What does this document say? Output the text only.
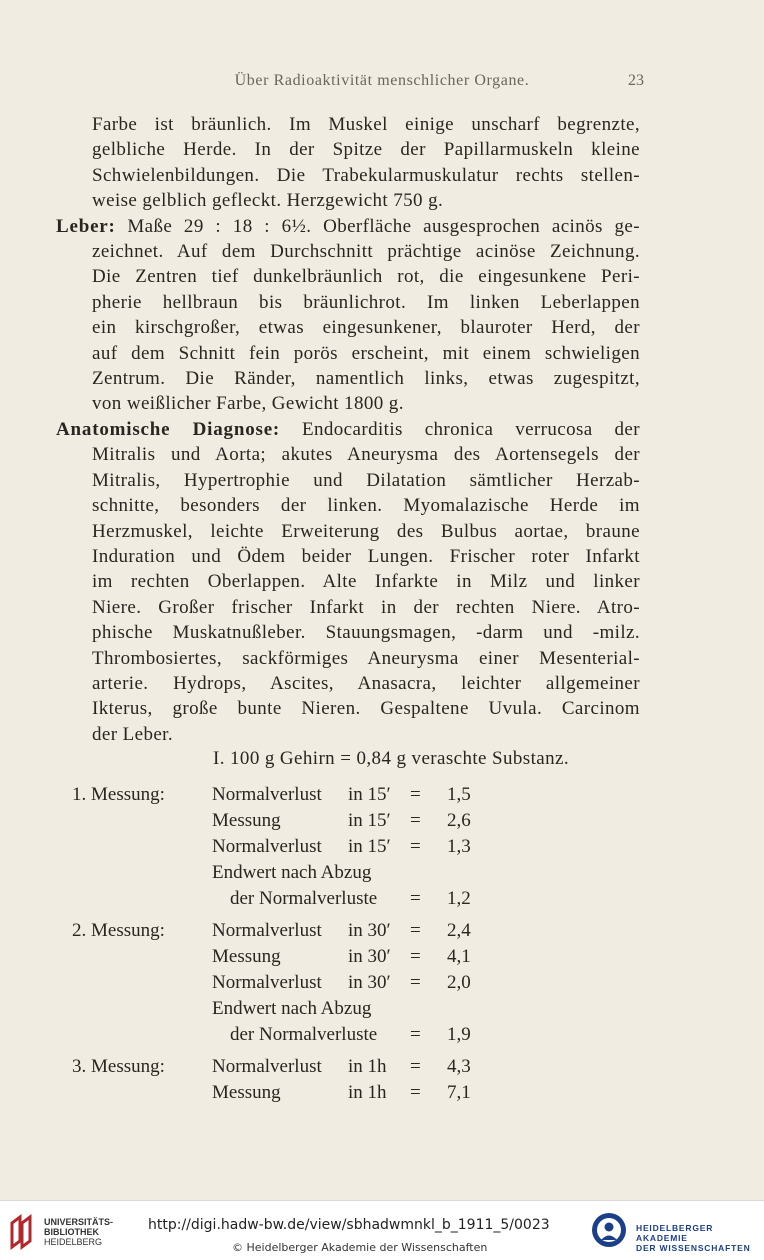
Über Radioaktivität menschlicher Organe.	23
Farbe ist bräunlich. Im Muskel einige unscharf begrenzte,
gelbliche Herde. In der Spitze der Papillarmuskeln kleine
Schwielenbildungen. Die Trabekularmuskulatur rechts stellen-
weise gelblich gefleckt. Herzgewicht 750 g.
Leber: Maße 29 : 18 : 6½. Oberfläche ausgesprochen acinös ge-
zeichnet. Auf dem Durchschnitt prächtige acinöse Zeichnung.
Die Zentren tief dunkelbräunlich rot, die eingesunkene Peri-
pherie hellbraun bis bräunlichrot. Im linken Leberlappen
ein kirschgroßer, etwas eingesunkener, blauroter Herd, der
auf dem Schnitt fein porös erscheint, mit einem schwieligen
Zentrum. Die Ränder, namentlich links, etwas zugespitzt,
von weißlicher Farbe, Gewicht 1800 g.
Anatomische Diagnose: Endocarditis chronica verrucosa der
Mitralis und Aorta; akutes Aneurysma des Aortensegels der
Mitralis, Hypertrophie und Dilatation sämtlicher Herzab-
schnitte, besonders der linken. Myomalazische Herde im
Herzmuskel, leichte Erweiterung des Bulbus aortae, braune
Induration und Ödem beider Lungen. Frischer roter Infarkt
im rechten Oberlappen. Alte Infarkte in Milz und linker
Niere. Großer frischer Infarkt in der rechten Niere. Atro-
phische Muskatnußleber. Stauungsmagen, -darm und -milz.
Thrombosiertes, sackförmiges Aneurysma einer Mesenterial-
arterie. Hydrops, Ascites, Anasacra, leichter allgemeiner
Ikterus, große bunte Nieren. Gespaltene Uvula. Carcinom
der Leber.
I. 100 g Gehirn = 0,84 g veraschte Substanz.
1. Messung: Normalverlust in 15′ = 1,5
Messung	in 15′ = 2,6
Normalverlust in 15′ = 1,3
Endwert nach Abzug
der Normalverluste = 1,2
2. Messung: Normalverlust in 30′ = 2,4
Messung	in 30′ = 4,1
Normalverlust in 30′ = 2,0
Endwert nach Abzug
der Normalverluste = 1,9
3. Messung: Normalverlust in 1h = 4,3
Messung	in 1h = 7,1
UNIVERSITÄTS-
BIBLIOTHEK
HEIDELBERG
http://digi.hadw-bw.de/view/sbhadwmnkl_b_1911_5/0023
© Heidelberger Akademie der Wissenschaften
HEIDELBERGER AKADEMIE
DER WISSENSCHAFTEN
